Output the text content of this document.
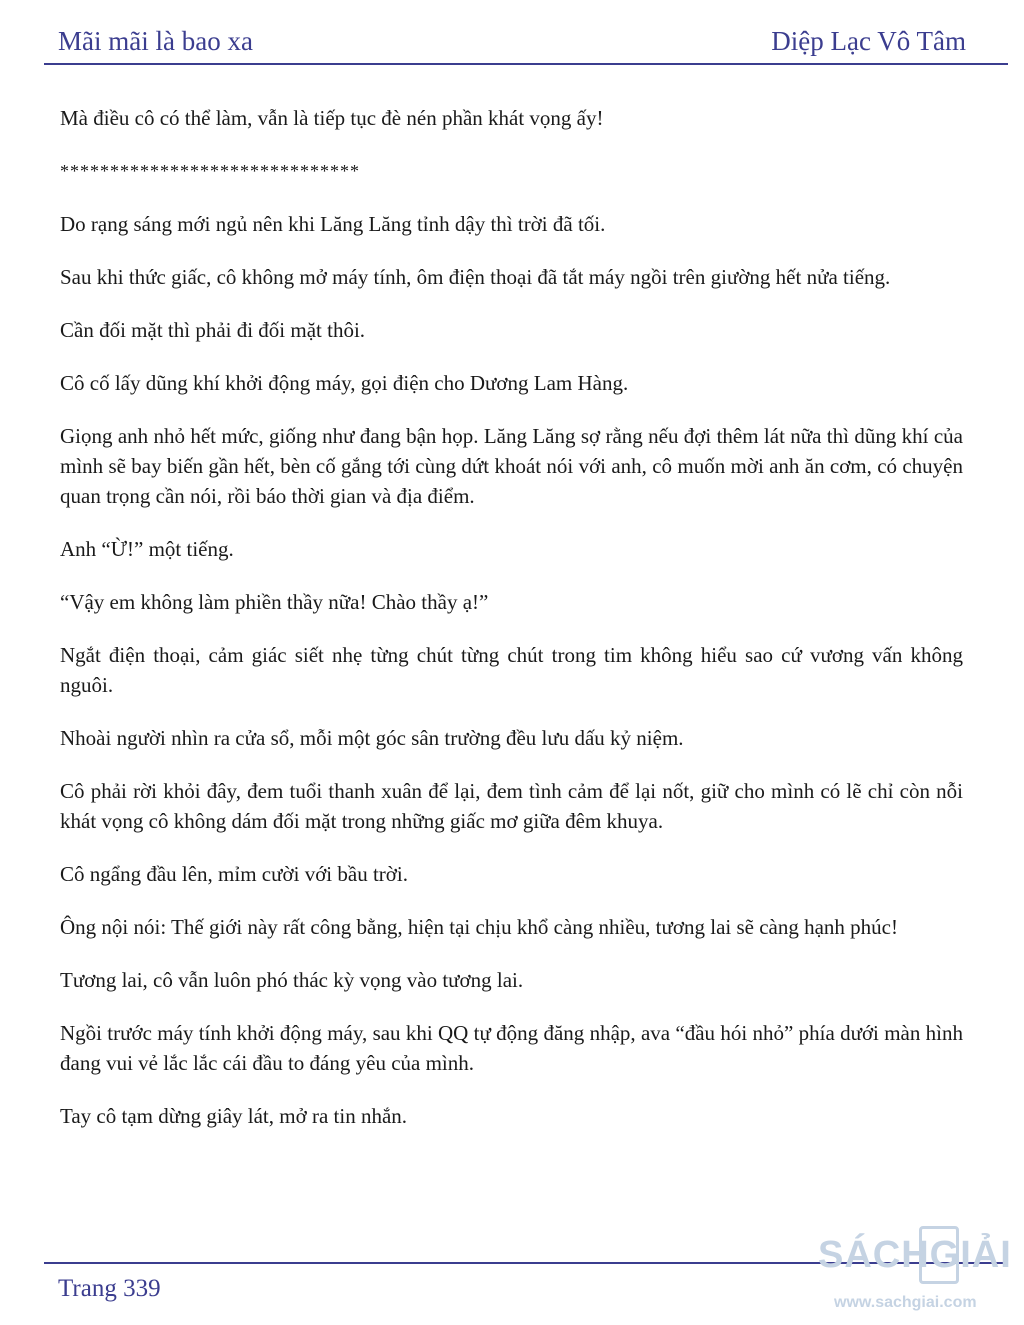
Mãi mãi là bao xa	Diệp Lạc Vô Tâm

Mà điều cô có thể làm, vẫn là tiếp tục đè nén phần khát vọng ấy!

******************************

Do rạng sáng mới ngủ nên khi Lăng Lăng tỉnh dậy thì trời đã tối.

Sau khi thức giấc, cô không mở máy tính, ôm điện thoại đã tắt máy ngồi trên giường hết nửa tiếng.

Cần đối mặt thì phải đi đối mặt thôi.

Cô cố lấy dũng khí khởi động máy, gọi điện cho Dương Lam Hàng.

Giọng anh nhỏ hết mức, giống như đang bận họp. Lăng Lăng sợ rằng nếu đợi thêm lát nữa thì dũng khí của mình sẽ bay biến gần hết, bèn cố gắng tới cùng dứt khoát nói với anh, cô muốn mời anh ăn cơm, có chuyện quan trọng cần nói, rồi báo thời gian và địa điểm.

Anh “Ừ!” một tiếng.

“Vậy em không làm phiền thầy nữa! Chào thầy ạ!”

Ngắt điện thoại, cảm giác siết nhẹ từng chút từng chút trong tim không hiểu sao cứ vương vấn không nguôi.

Nhoài người nhìn ra cửa sổ, mỗi một góc sân trường đều lưu dấu kỷ niệm.

Cô phải rời khỏi đây, đem tuổi thanh xuân để lại, đem tình cảm để lại nốt, giữ cho mình có lẽ chỉ còn nỗi khát vọng cô không dám đối mặt trong những giấc mơ giữa đêm khuya.

Cô ngẩng đầu lên, mỉm cười với bầu trời.

Ông nội nói: Thế giới này rất công bằng, hiện tại chịu khổ càng nhiều, tương lai sẽ càng hạnh phúc!

Tương lai, cô vẫn luôn phó thác kỳ vọng vào tương lai.

Ngồi trước máy tính khởi động máy, sau khi QQ tự động đăng nhập, ava “đầu hói nhỏ” phía dưới màn hình đang vui vẻ lắc lắc cái đầu to đáng yêu của mình.

Tay cô tạm dừng giây lát, mở ra tin nhắn.

Trang 339
SÁCHGIẢI
www.sachgiai.com
